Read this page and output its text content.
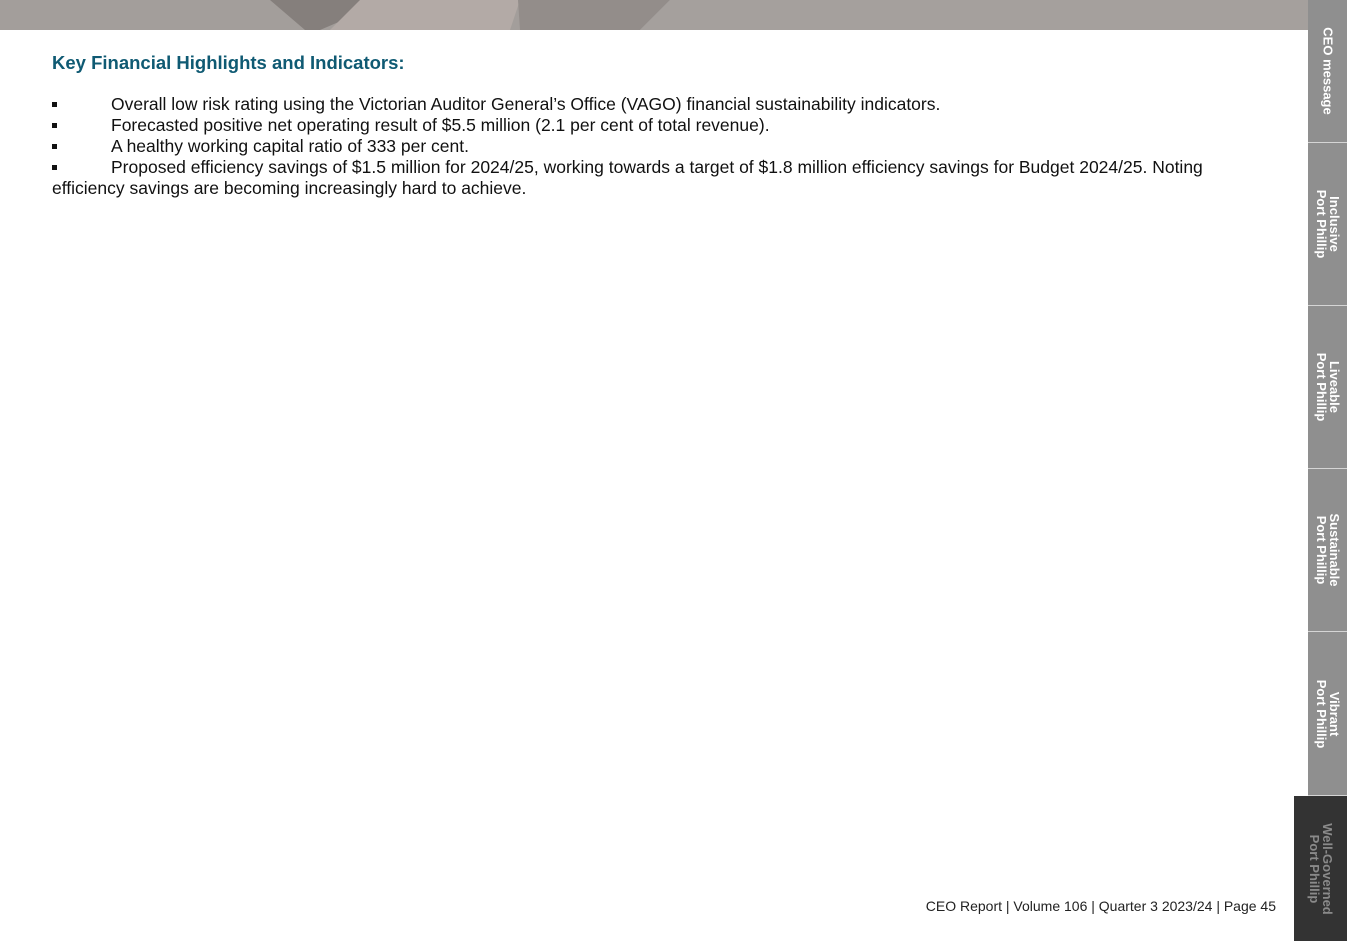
Key Financial Highlights and Indicators:
Overall low risk rating using the Victorian Auditor General’s Office (VAGO) financial sustainability indicators.
Forecasted positive net operating result of $5.5 million (2.1 per cent of total revenue).
A healthy working capital ratio of 333 per cent.
Proposed efficiency savings of $1.5 million for 2024/25, working towards a target of $1.8 million efficiency savings for Budget 2024/25. Noting efficiency savings are becoming increasingly hard to achieve.
CEO Report | Volume 106 | Quarter 3 2023/24 | Page 45
CEO message
Inclusive
Port Phillip
Liveable
Port Phillip
Sustainable
Port Phillip
Vibrant
Port Phillip
Well-Governed
Port Phillip
